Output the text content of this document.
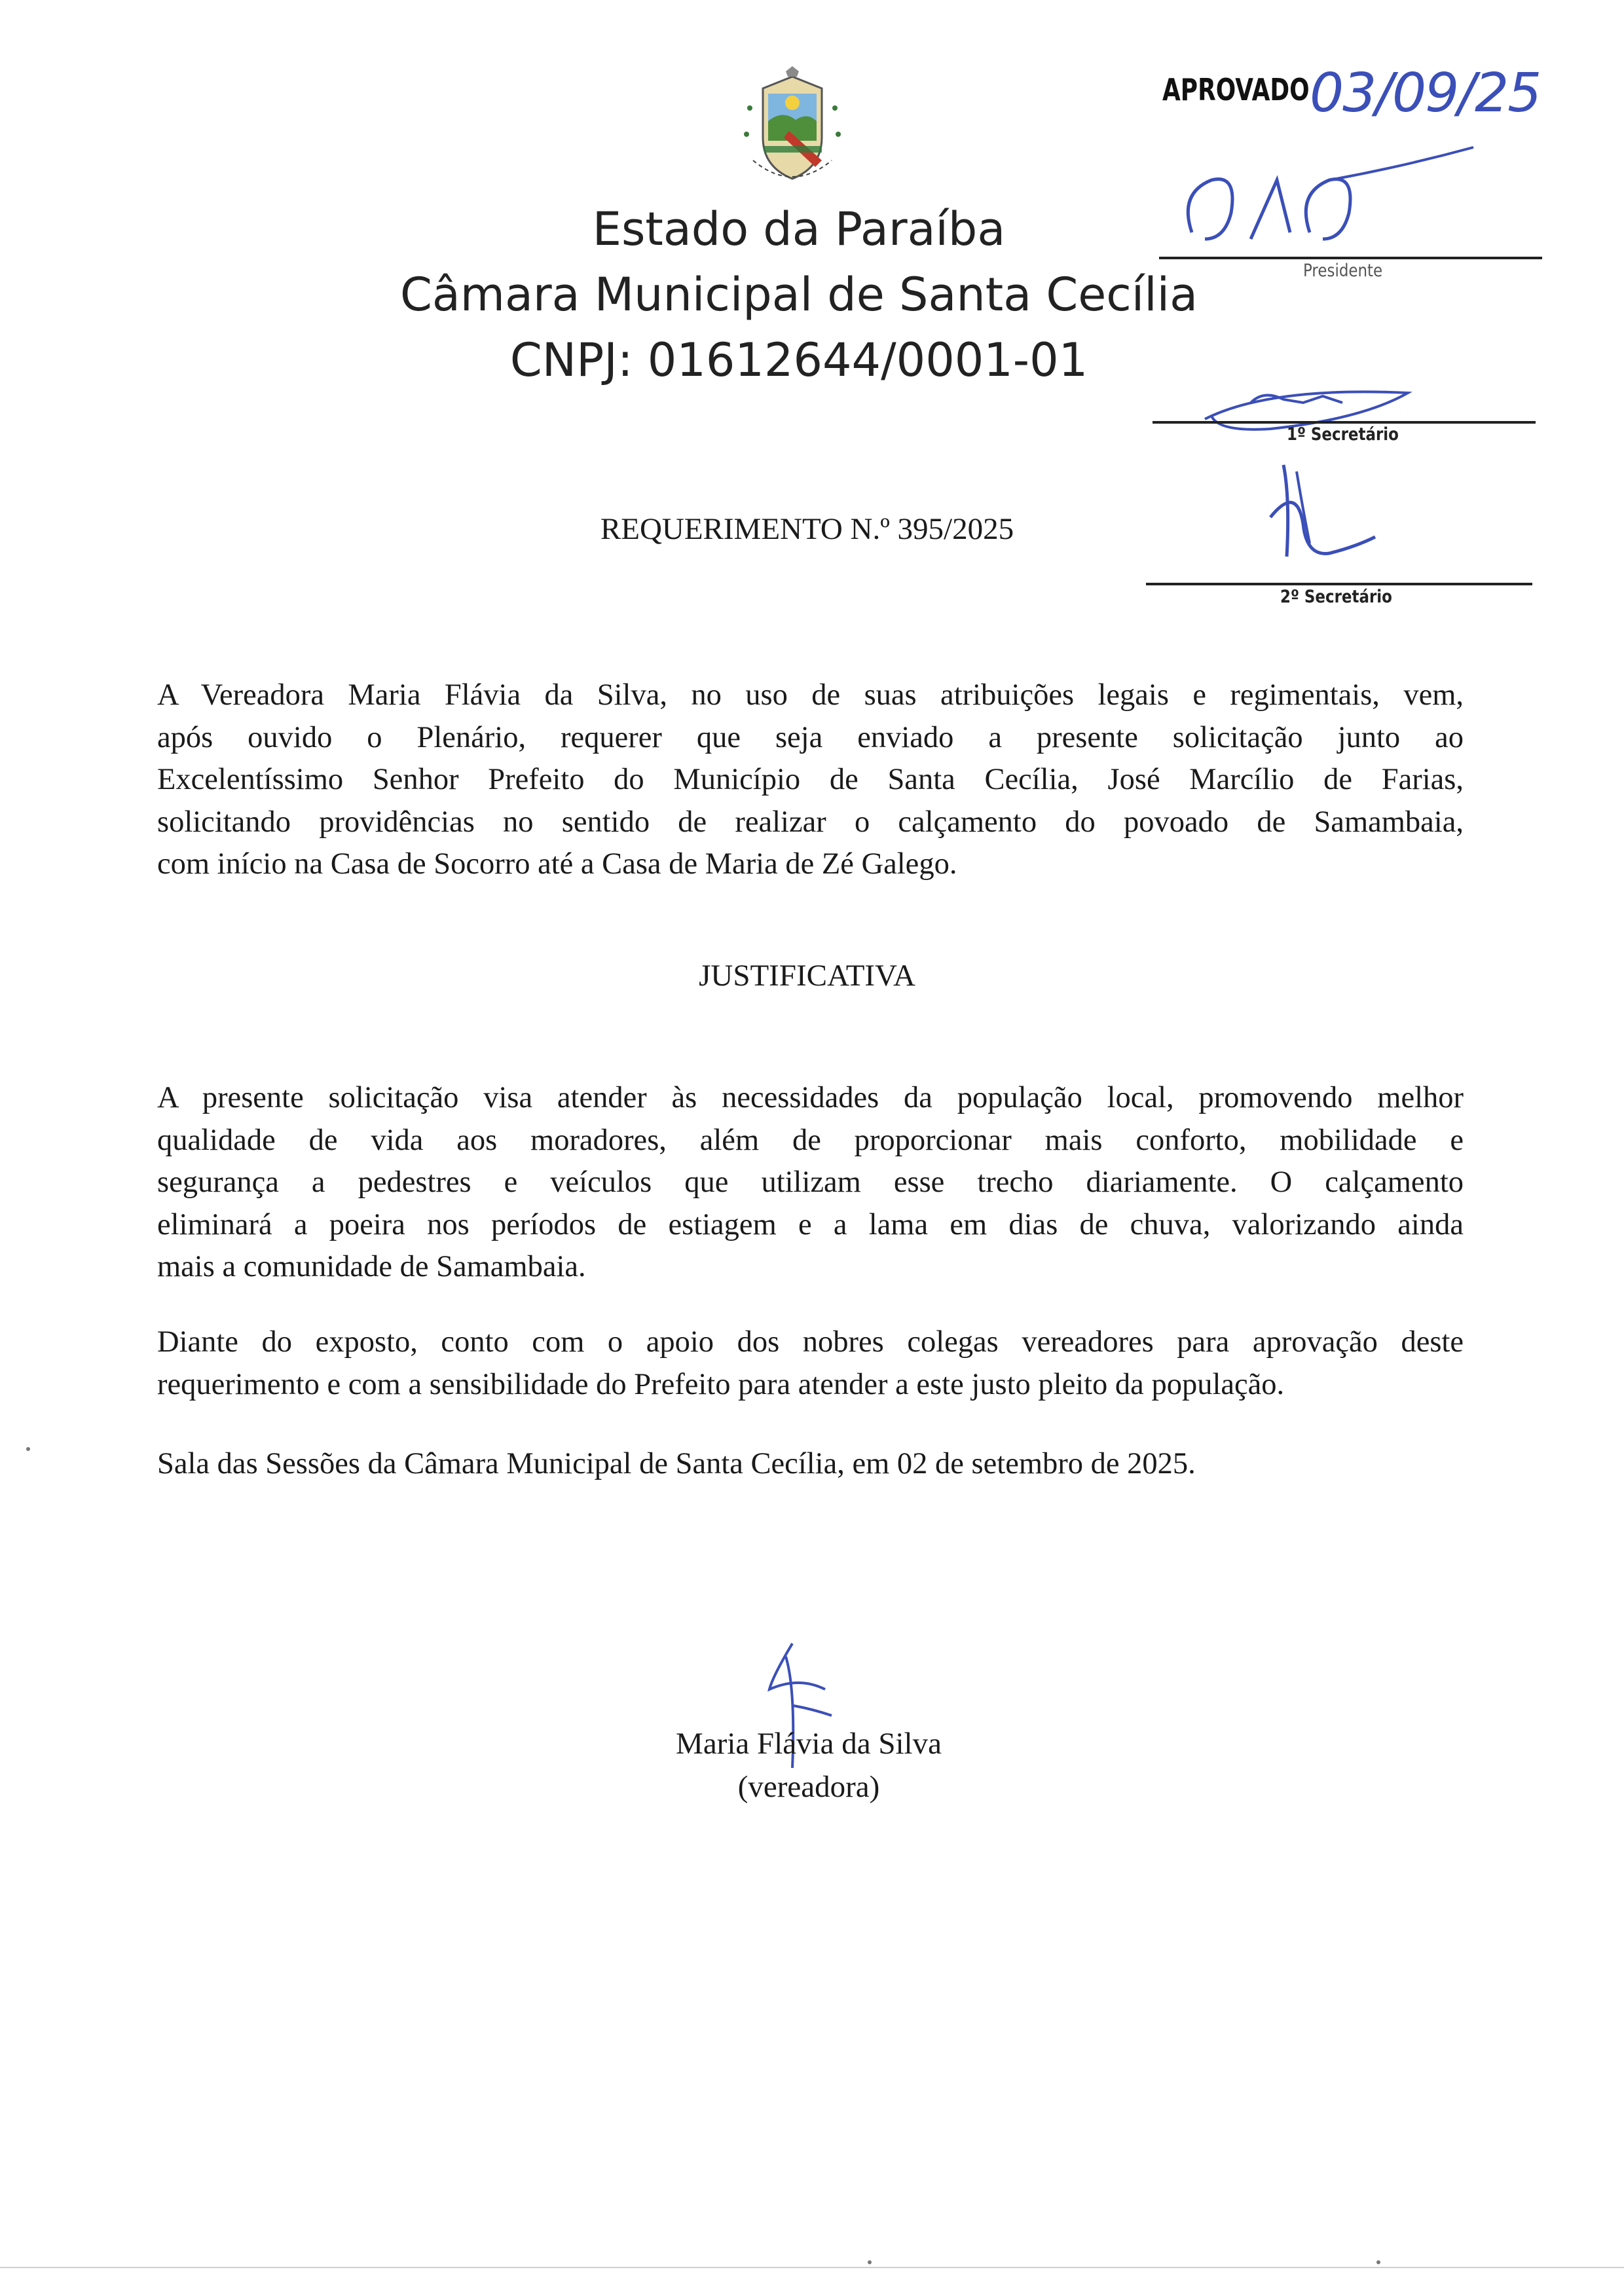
Estado da Paraíba
Câmara Municipal de Santa Cecília
CNPJ: 01612644/0001-01
APROVADO 03/09/25
Presidente
1º Secretário
2º Secretário
REQUERIMENTO N.º 395/2025
A Vereadora Maria Flávia da Silva, no uso de suas atribuições legais e regimentais, vem,
após ouvido o Plenário, requerer que seja enviado a presente solicitação junto ao
Excelentíssimo Senhor Prefeito do Município de Santa Cecília, José Marcílio de Farias,
solicitando providências no sentido de realizar o calçamento do povoado de Samambaia,
com início na Casa de Socorro até a Casa de Maria de Zé Galego.
JUSTIFICATIVA
A presente solicitação visa atender às necessidades da população local, promovendo melhor
qualidade de vida aos moradores, além de proporcionar mais conforto, mobilidade e
segurança a pedestres e veículos que utilizam esse trecho diariamente. O calçamento
eliminará a poeira nos períodos de estiagem e a lama em dias de chuva, valorizando ainda
mais a comunidade de Samambaia.
Diante do exposto, conto com o apoio dos nobres colegas vereadores para aprovação deste
requerimento e com a sensibilidade do Prefeito para atender a este justo pleito da população.
Sala das Sessões da Câmara Municipal de Santa Cecília, em 02 de setembro de 2025.
Maria Flávia da Silva
(vereadora)
